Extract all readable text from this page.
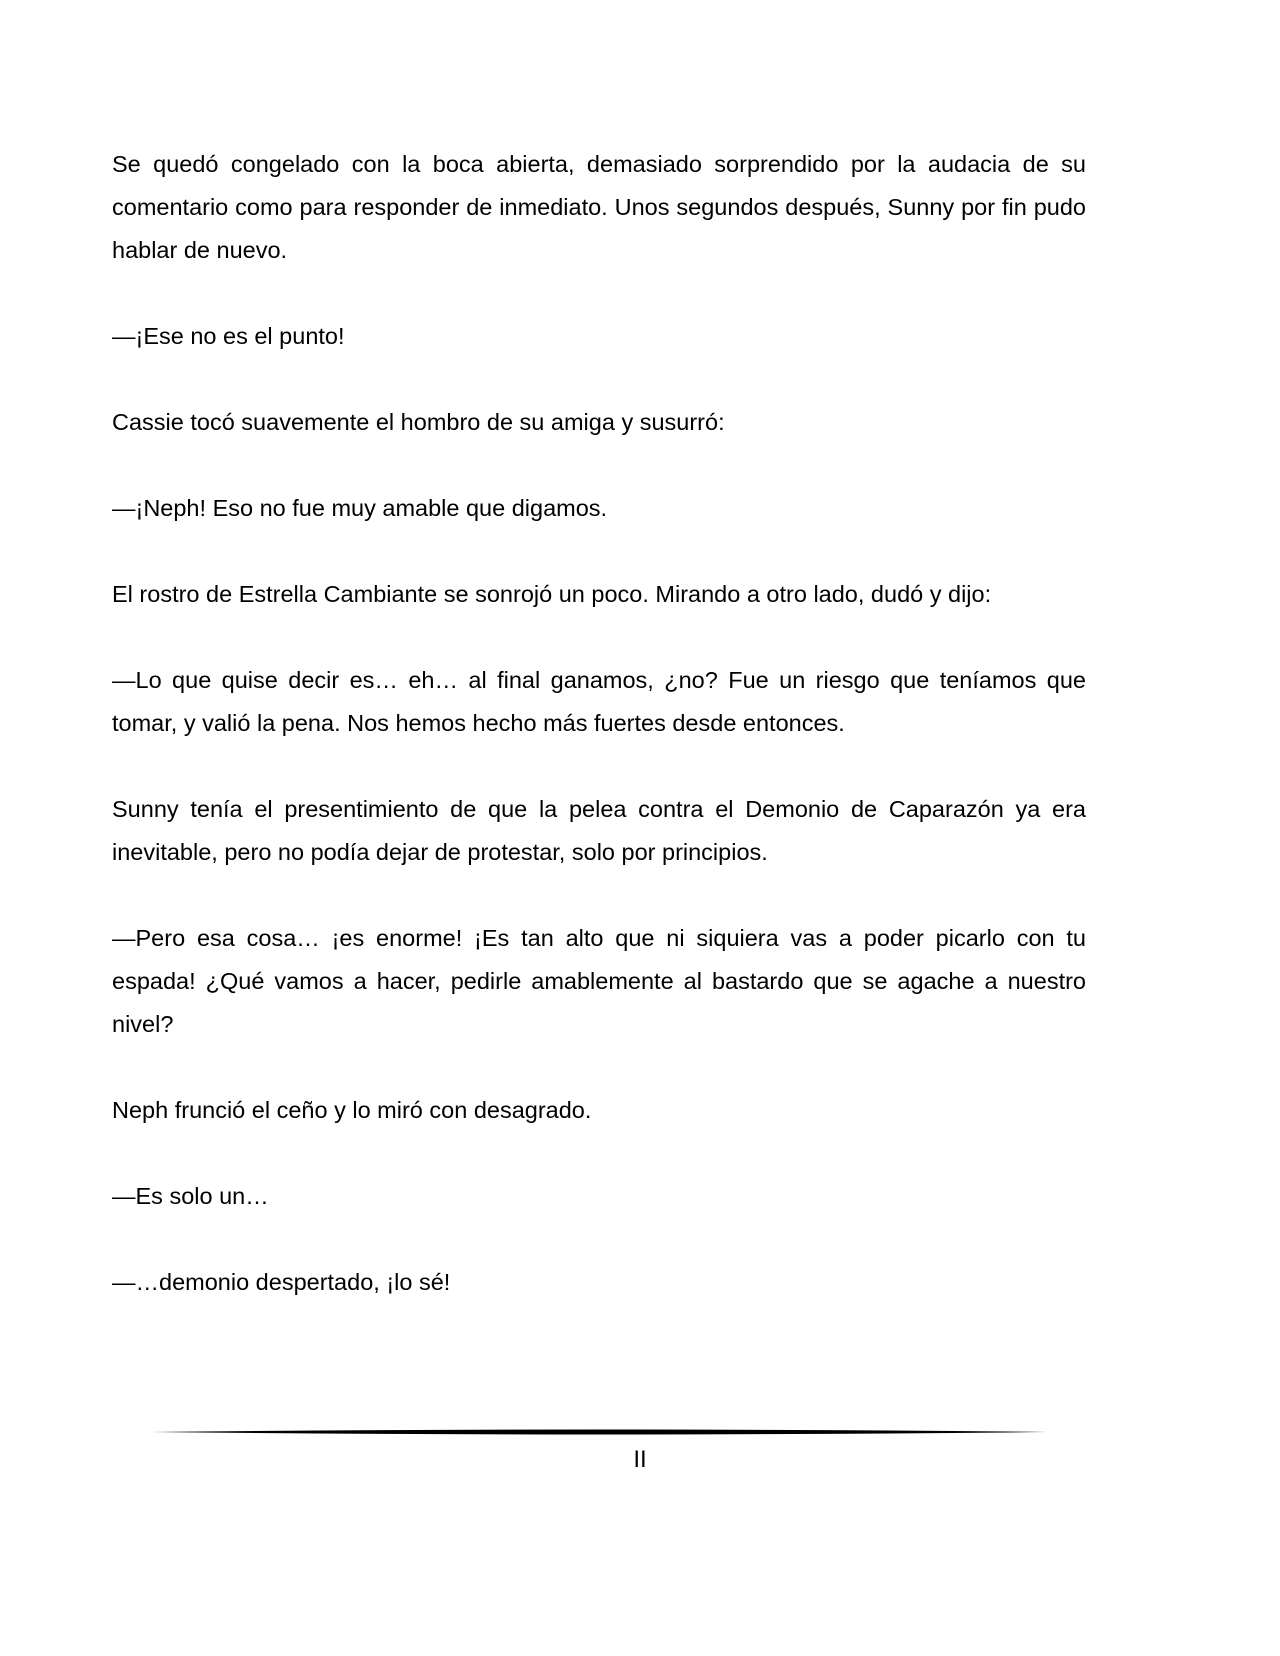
Se quedó congelado con la boca abierta, demasiado sorprendido por la audacia de su comentario como para responder de inmediato. Unos segundos después, Sunny por fin pudo hablar de nuevo.

—¡Ese no es el punto!

Cassie tocó suavemente el hombro de su amiga y susurró:

—¡Neph! Eso no fue muy amable que digamos.

El rostro de Estrella Cambiante se sonrojó un poco. Mirando a otro lado, dudó y dijo:

—Lo que quise decir es… eh… al final ganamos, ¿no? Fue un riesgo que teníamos que tomar, y valió la pena. Nos hemos hecho más fuertes desde entonces.

Sunny tenía el presentimiento de que la pelea contra el Demonio de Caparazón ya era inevitable, pero no podía dejar de protestar, solo por principios.

—Pero esa cosa… ¡es enorme! ¡Es tan alto que ni siquiera vas a poder picarlo con tu espada! ¿Qué vamos a hacer, pedirle amablemente al bastardo que se agache a nuestro nivel?

Neph frunció el ceño y lo miró con desagrado.

—Es solo un…

—…demonio despertado, ¡lo sé!

II
